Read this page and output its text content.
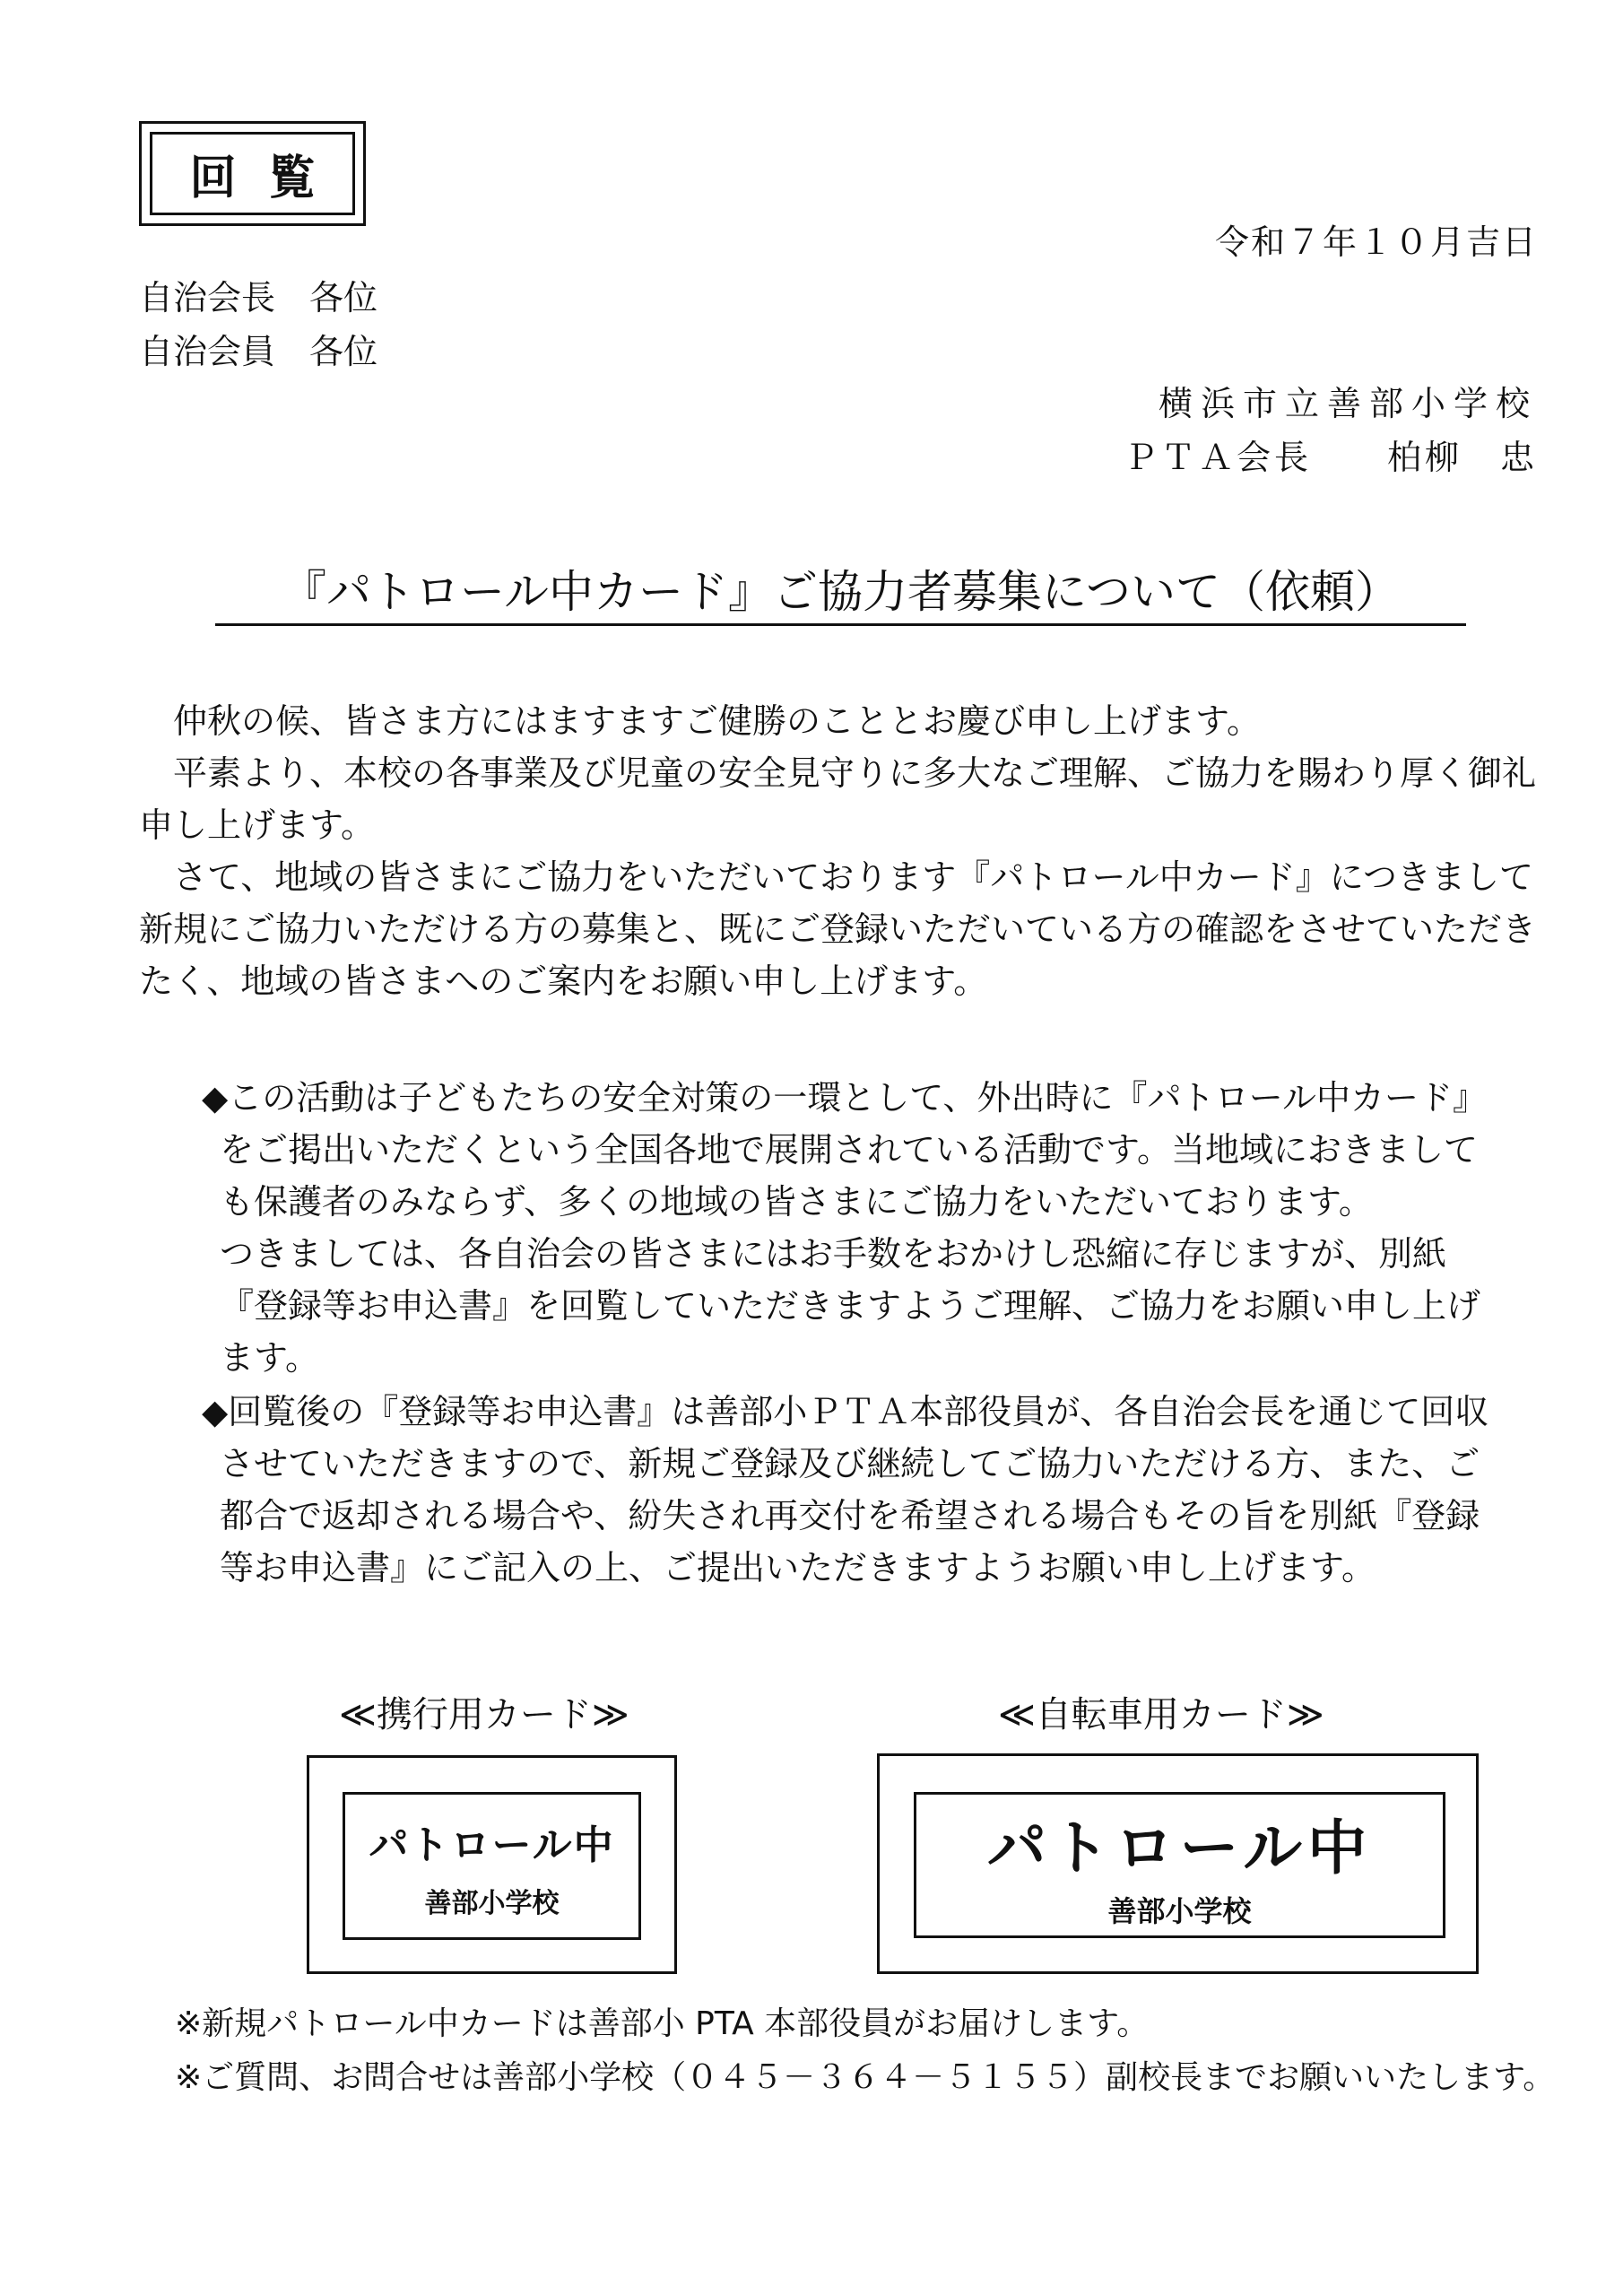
回覧
令和７年１０月吉日
自治会長　各位
自治会員　各位
横浜市立善部小学校
ＰＴＡ会長　　柏柳　忠
『パトロール中カード』ご協力者募集について（依頼）
仲秋の候、皆さま方にはますますご健勝のこととお慶び申し上げます。
平素より、本校の各事業及び児童の安全見守りに多大なご理解、ご協力を賜わり厚く御礼
申し上げます。
さて、地域の皆さまにご協力をいただいております『パトロール中カード』につきまして
新規にご協力いただける方の募集と、既にご登録いただいている方の確認をさせていただき
たく、地域の皆さまへのご案内をお願い申し上げます。
◆この活動は子どもたちの安全対策の一環として、外出時に『パトロール中カード』
をご掲出いただくという全国各地で展開されている活動です。当地域におきまして
も保護者のみならず、多くの地域の皆さまにご協力をいただいております。
つきましては、各自治会の皆さまにはお手数をおかけし恐縮に存じますが、別紙
『登録等お申込書』を回覧していただきますようご理解、ご協力をお願い申し上げ
ます。
◆回覧後の『登録等お申込書』は善部小ＰＴＡ本部役員が、各自治会長を通じて回収
させていただきますので、新規ご登録及び継続してご協力いただける方、また、ご
都合で返却される場合や、紛失され再交付を希望される場合もその旨を別紙『登録
等お申込書』にご記入の上、ご提出いただきますようお願い申し上げます。
≪携行用カード≫	≪自転車用カード≫
パトロール中
善部小学校
パトロール中
善部小学校
※新規パトロール中カードは善部小 PTA 本部役員がお届けします。
※ご質問、お問合せは善部小学校（０４５－３６４－５１５５）副校長までお願いいたします。
